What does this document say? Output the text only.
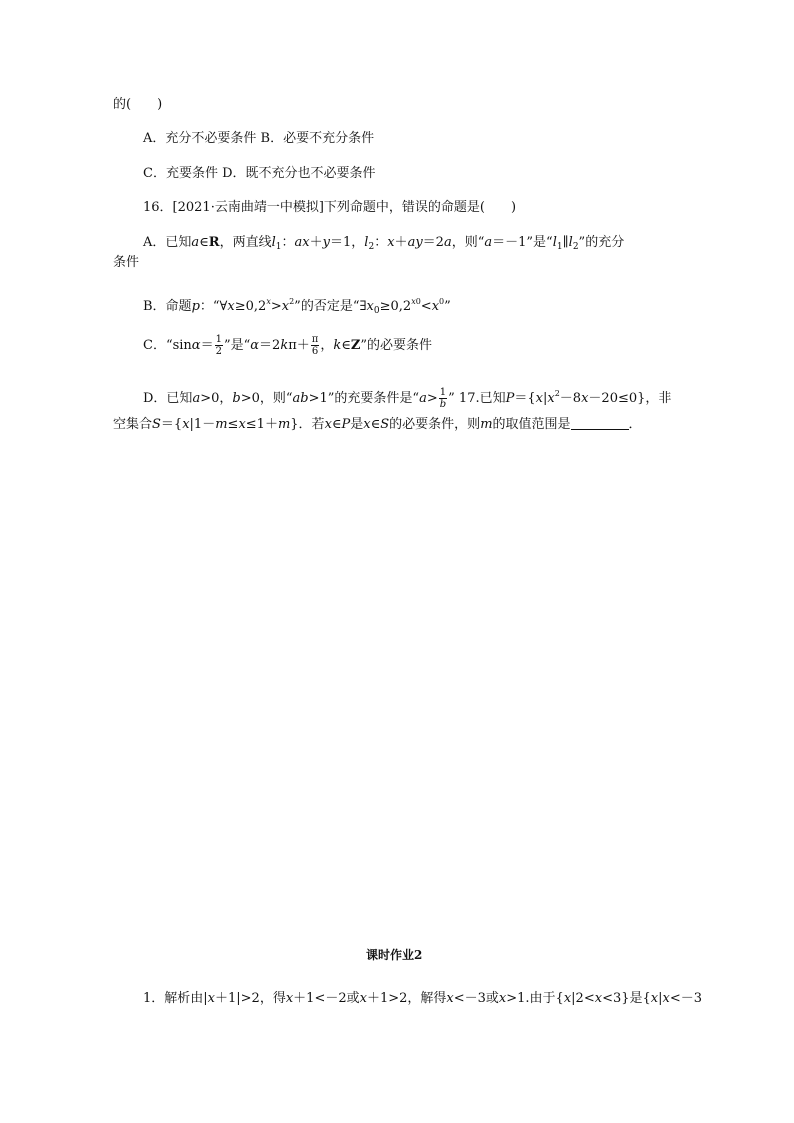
的(　　)
A．充分不必要条件 B．必要不充分条件
C．充要条件 D．既不充分也不必要条件
16．[2021·云南曲靖一中模拟]下列命题中，错误的命题是(　　)
A．已知a∈R，两直线$l_1$：ax＋y＝1，$l_2$：x＋ay＝2a，则“a＝－1”是“$l_1\parallel l_2$”的充分
条件
B．命题p：“$\forall x\ge 0,2^x>x^2$”的否定是“$\exists x_0\ge 0,2^{x0}<x^0$”
C．“$\sin\alpha= \frac{1}{2}$ ”是“$\alpha=2k\pi+ \frac{\pi}{6}$ ，k∈Z”的必要条件
D．已知a>0，b>0，则“ab>1”的充要条件是“$a> \frac{1}{b}$ ” 17.已知$P=\{x|x^2-8x-20\le 0\}$，非
空集合S＝{x|1－m≤x≤1＋m}．若x∈P是x∈S的必要条件，则m的取值范围是	．
课时作业2
1．解析由|x＋1|>2，得x＋1<－2或x＋1>2，解得x<－3或x>1.由于{x|2<x<3}是{x|x<－3
